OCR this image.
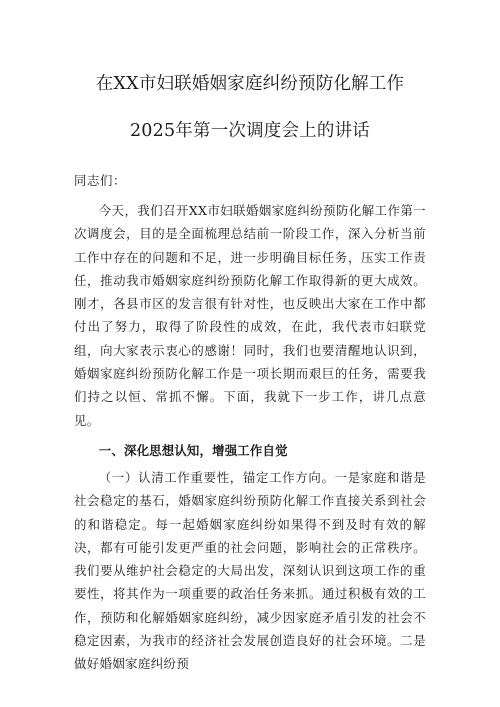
在XX市妇联婚姻家庭纠纷预防化解工作
2025年第一次调度会上的讲话
同志们：

今天，我们召开XX市妇联婚姻家庭纠纷预防化解工作第一次调度会，目的是全面梳理总结前一阶段工作，深入分析当前工作中存在的问题和不足，进一步明确目标任务，压实工作责任，推动我市婚姻家庭纠纷预防化解工作取得新的更大成效。刚才，各县市区的发言很有针对性，也反映出大家在工作中都付出了努力，取得了阶段性的成效，在此，我代表市妇联党组，向大家表示衷心的感谢！同时，我们也要清醒地认识到，婚姻家庭纠纷预防化解工作是一项长期而艰巨的任务，需要我们持之以恒、常抓不懈。下面，我就下一步工作，讲几点意见。

一、深化思想认知，增强工作自觉

（一）认清工作重要性，锚定工作方向。一是家庭和谐是社会稳定的基石，婚姻家庭纠纷预防化解工作直接关系到社会的和谐稳定。每一起婚姻家庭纠纷如果得不到及时有效的解决，都有可能引发更严重的社会问题，影响社会的正常秩序。我们要从维护社会稳定的大局出发，深刻认识到这项工作的重要性，将其作为一项重要的政治任务来抓。通过积极有效的工作，预防和化解婚姻家庭纠纷，减少因家庭矛盾引发的社会不稳定因素，为我市的经济社会发展创造良好的社会环境。二是做好婚姻家庭纠纷预
